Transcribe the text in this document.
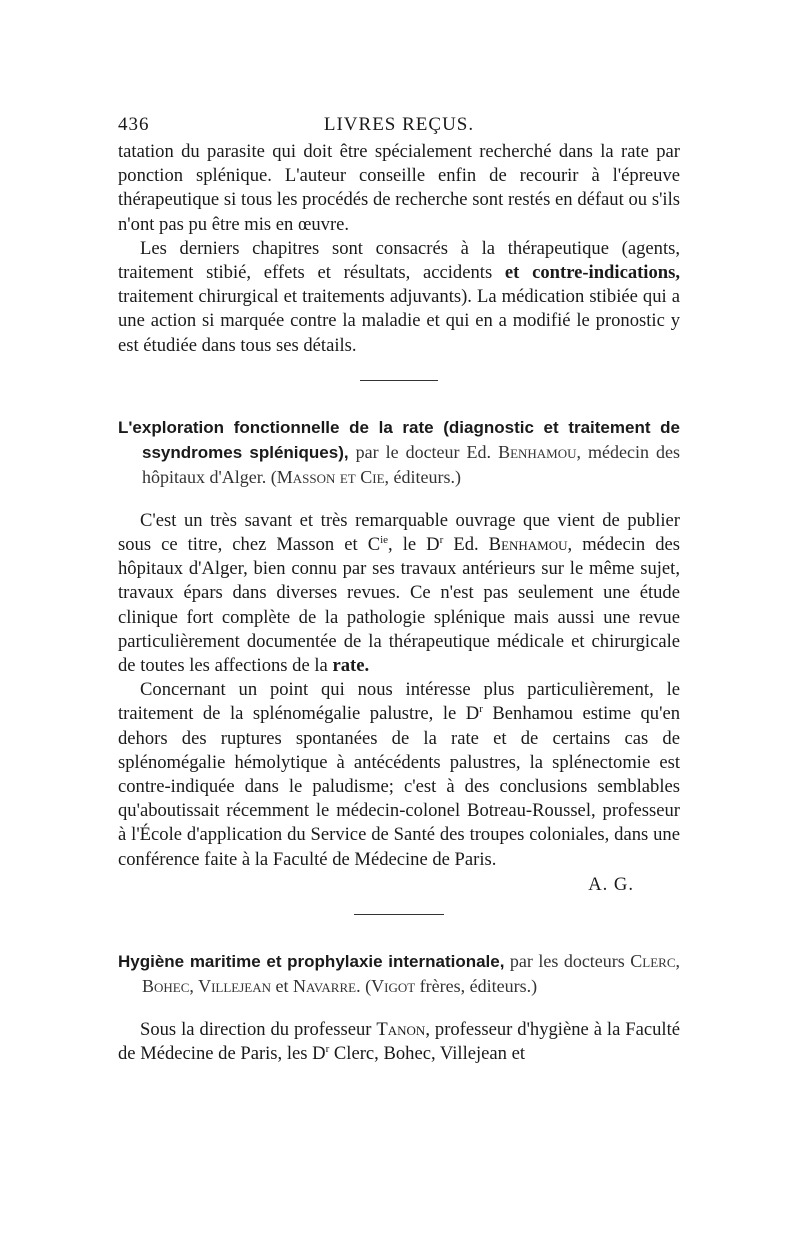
436	LIVRES REÇUS.

tatation du parasite qui doit être spécialement recherché dans la rate par ponction splénique. L'auteur conseille enfin de recourir à l'épreuve thérapeutique si tous les procédés de recherche sont restés en défaut ou s'ils n'ont pas pu être mis en œuvre.

Les derniers chapitres sont consacrés à la thérapeutique (agents, traitement stibié, effets et résultats, accidents et contre-indications, traitement chirurgical et traitements adjuvants). La médication stibiée qui a une action si marquée contre la maladie et qui en a modifié le pronostic y est étudiée dans tous ses détails.

L'exploration fonctionnelle de la rate (diagnostic et traitement de ssyndromes spléniques), par le docteur Ed. Benhamou, médecin des hôpitaux d'Alger. (Masson et Cie, éditeurs.)

C'est un très savant et très remarquable ouvrage que vient de publier sous ce titre, chez Masson et $C^{ie}$, le $D^r$ Ed. Benhamou, médecin des hôpitaux d'Alger, bien connu par ses travaux antérieurs sur le même sujet, travaux épars dans diverses revues. Ce n'est pas seulement une étude clinique fort complète de la pathologie splénique mais aussi une revue particulièrement documentée de la thérapeutique médicale et chirurgicale de toutes les affections de la rate.

Concernant un point qui nous intéresse plus particulièrement, le traitement de la splénomégalie palustre, le $D^r$ Benhamou estime qu'en dehors des ruptures spontanées de la rate et de certains cas de splénomégalie hémolytique à antécédents palustres, la splénectomie est contre-indiquée dans le paludisme; c'est à des conclusions semblables qu'aboutissait récemment le médecin-colonel Botreau-Roussel, professeur à l'École d'application du Service de Santé des troupes coloniales, dans une conférence faite à la Faculté de Médecine de Paris.

A. G.
Hygiène maritime et prophylaxie internationale, par les docteurs Clerc, Bohec, Villejean et Navarre. (Vigot frères, éditeurs.)

Sous la direction du professeur Tanon, professeur d'hygiène à la Faculté de Médecine de Paris, les $D^r$ Clerc, Bohec, Villejean et
